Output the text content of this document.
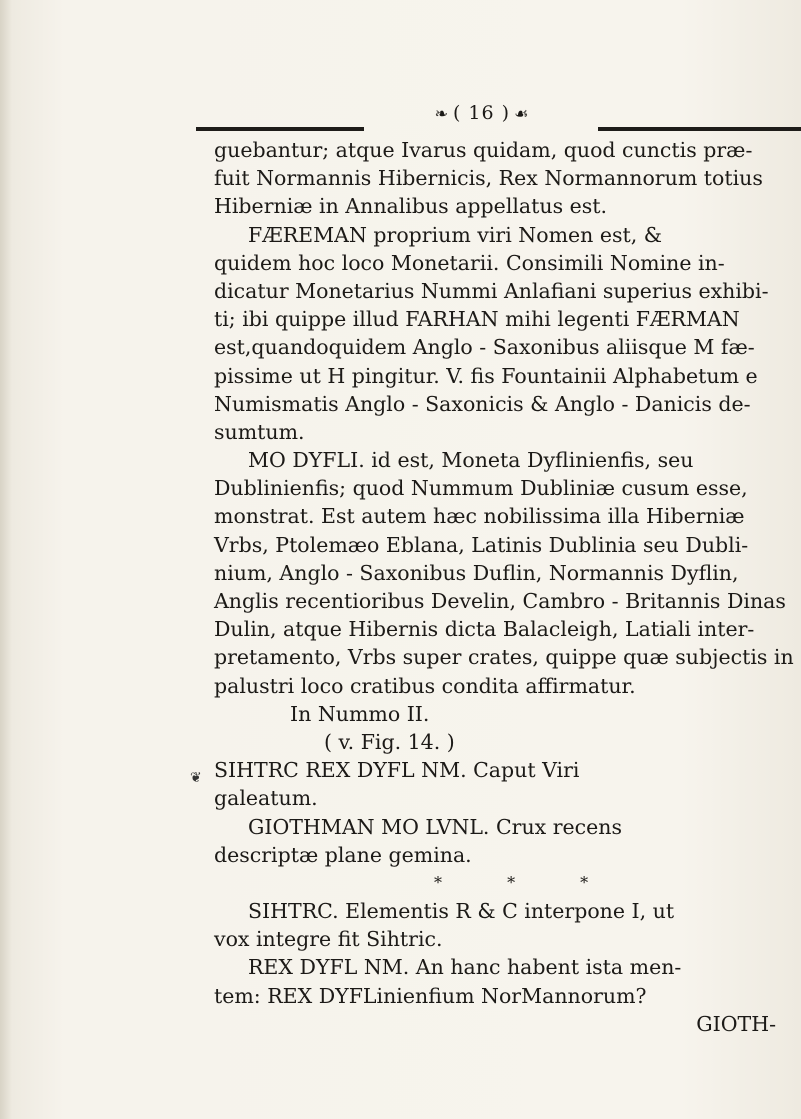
❧ ( 16 ) ☙
❦
guebantur; atque Ivarus quidam, quod cunctis præ-
fuit Normannis Hibernicis, Rex Normannorum totius
Hiberniæ in Annalibus appellatus est.
FÆREMAN proprium viri Nomen est, &
quidem hoc loco Monetarii. Consimili Nomine in-
dicatur Monetarius Nummi Anlafiani superius exhibi-
ti; ibi quippe illud FARHAN mihi legenti FÆRMAN
est,quandoquidem Anglo - Saxonibus aliisque M fæ-
pissime ut H pingitur. V. fis Fountainii Alphabetum e
Numismatis Anglo - Saxonicis & Anglo - Danicis de-
sumtum.
MO DYFLI. id est, Moneta Dyflinienfis, seu
Dublinienfis; quod Nummum Dubliniæ cusum esse,
monstrat. Est autem hæc nobilissima illa Hiberniæ
Vrbs, Ptolemæo Eblana, Latinis Dublinia seu Dubli-
nium, Anglo - Saxonibus Duflin, Normannis Dyflin,
Anglis recentioribus Develin, Cambro - Britannis Dinas
Dulin, atque Hibernis dicta Balacleigh, Latiali inter-
pretamento, Vrbs super crates, quippe quæ subjectis in
palustri loco cratibus condita affirmatur.
In Nummo II.
( v. Fig. 14. )
SIHTRC REX DYFL NM. Caput Viri
galeatum.
GIOTHMAN MO LVNL. Crux recens
descriptæ plane gemina.
* * *
SIHTRC. Elementis R & C interpone I, ut
vox integre fit Sihtric.
REX DYFL NM. An hanc habent ista men-
tem: REX DYFLinienfium NorMannorum?
GIOTH-
